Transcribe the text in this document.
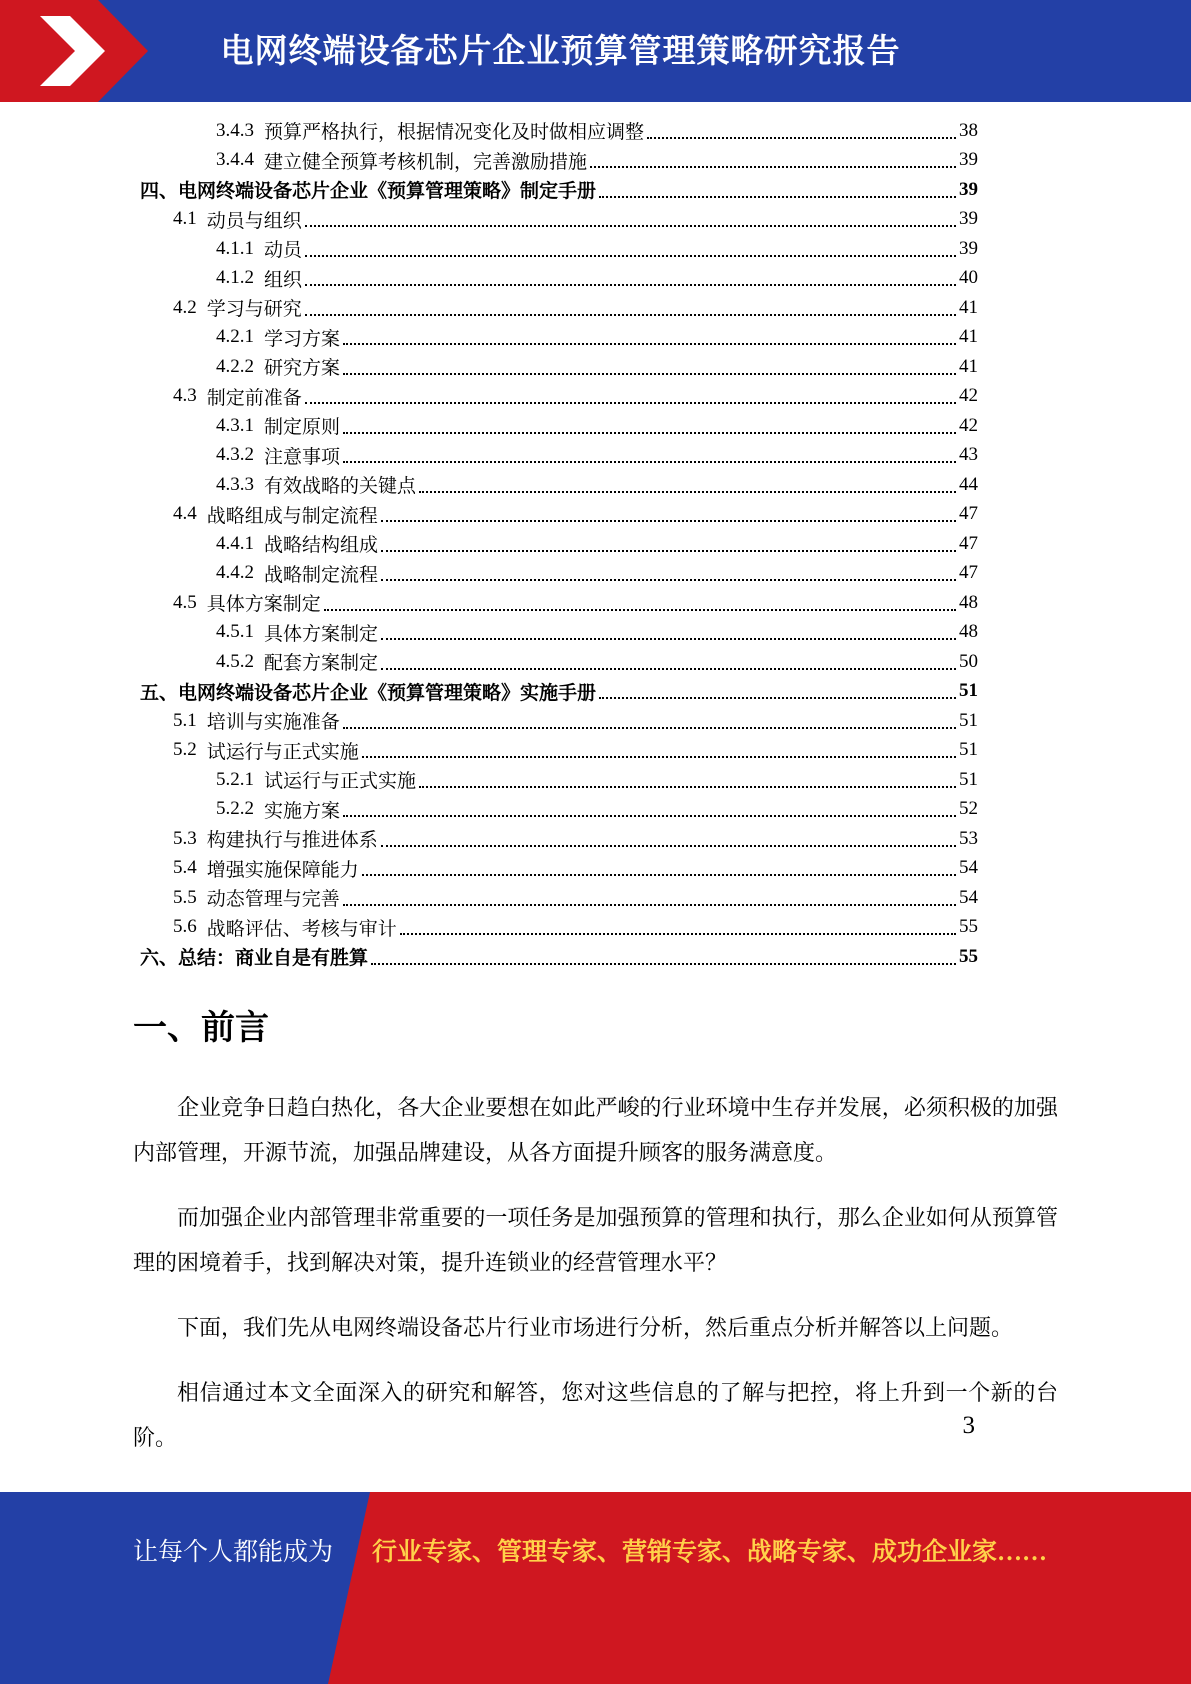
电网终端设备芯片企业预算管理策略研究报告
3.4.3 预算严格执行，根据情况变化及时做相应调整	38
3.4.4 建立健全预算考核机制，完善激励措施	39
四、 电网终端设备芯片企业《预算管理策略》制定手册	39
4.1 动员与组织	39
4.1.1 动员	39
4.1.2 组织	40
4.2 学习与研究	41
4.2.1 学习方案	41
4.2.2 研究方案	41
4.3 制定前准备	42
4.3.1 制定原则	42
4.3.2 注意事项	43
4.3.3 有效战略的关键点	44
4.4 战略组成与制定流程	47
4.4.1 战略结构组成	47
4.4.2 战略制定流程	47
4.5 具体方案制定	48
4.5.1 具体方案制定	48
4.5.2 配套方案制定	50
五、 电网终端设备芯片企业《预算管理策略》实施手册	51
5.1 培训与实施准备	51
5.2 试运行与正式实施	51
5.2.1 试运行与正式实施	51
5.2.2 实施方案	52
5.3 构建执行与推进体系	53
5.4 增强实施保障能力	54
5.5 动态管理与完善	54
5.6 战略评估、考核与审计	55
六、 总结：商业自是有胜算	55
一、前言

企业竞争日趋白热化，各大企业要想在如此严峻的行业环境中生存并发展，必须积极的加强内部管理，开源节流，加强品牌建设，从各方面提升顾客的服务满意度。

而加强企业内部管理非常重要的一项任务是加强预算的管理和执行，那么企业如何从预算管理的困境着手，找到解决对策，提升连锁业的经营管理水平？

下面，我们先从电网终端设备芯片行业市场进行分析，然后重点分析并解答以上问题。

相信通过本文全面深入的研究和解答，您对这些信息的了解与把控，将上升到一个新的台阶。	3
让每个人都能成为 行业专家、管理专家、营销专家、战略专家、成功企业家……
